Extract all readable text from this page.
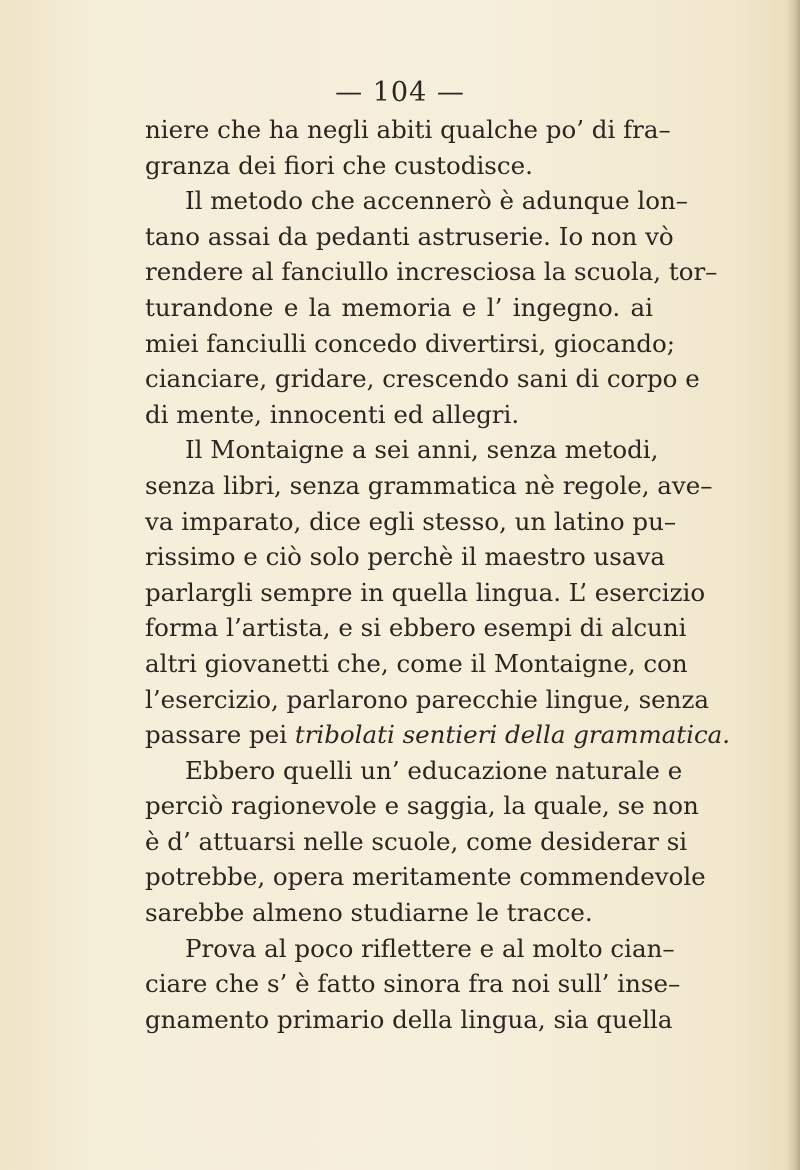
— 104 —
niere che ha negli abiti qualche po’ di fra–
granza dei fiori che custodisce.
Il metodo che accennerò è adunque lon–
tano assai da pedanti astruserie. Io non vò
rendere al fanciullo incresciosa la scuola, tor–
turandone e la memoria e l’ ingegno. ai
miei fanciulli concedo divertirsi, giocando;
cianciare, gridare, crescendo sani di corpo e
di mente, innocenti ed allegri.
Il Montaigne a sei anni, senza metodi,
senza libri, senza grammatica nè regole, ave–
va imparato, dice egli stesso, un latino pu–
rissimo e ciò solo perchè il maestro usava
parlargli sempre in quella lingua. L’ esercizio
forma l’artista, e si ebbero esempi di alcuni
altri giovanetti che, come il Montaigne, con
l’esercizio, parlarono parecchie lingue, senza
passare pei tribolati sentieri della grammatica.
Ebbero quelli un’ educazione naturale e
perciò ragionevole e saggia, la quale, se non
è d’ attuarsi nelle scuole, come desiderar si
potrebbe, opera meritamente commendevole
sarebbe almeno studiarne le tracce.
Prova al poco riflettere e al molto cian–
ciare che s’ è fatto sinora fra noi sull’ inse–
gnamento primario della lingua, sia quella
